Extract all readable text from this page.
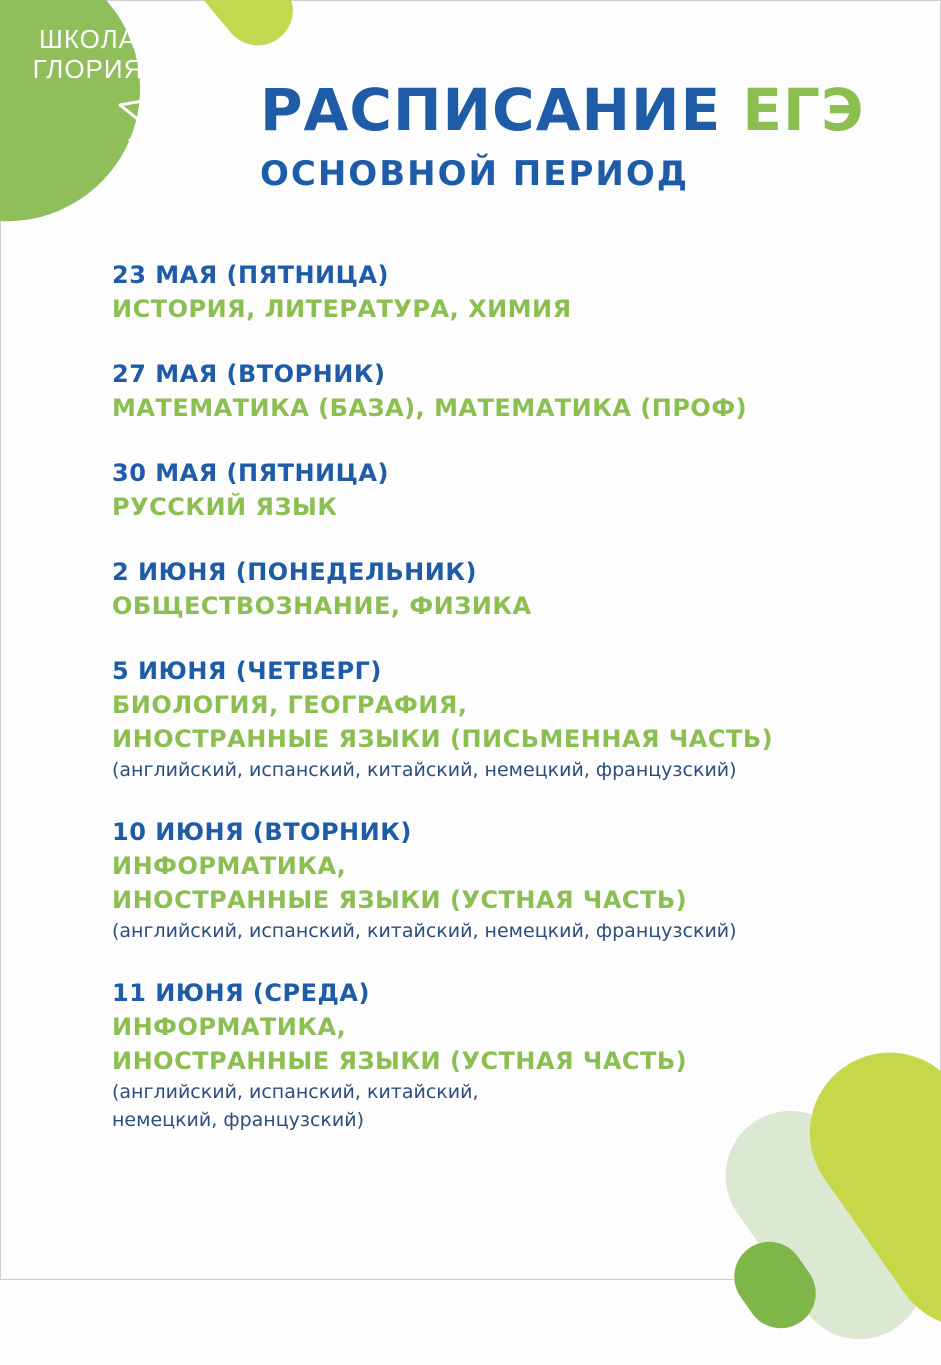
ШКОЛА
ГЛОРИЯ
РАСПИСАНИЕ ЕГЭ
ОСНОВНОЙ ПЕРИОД
23 МАЯ (ПЯТНИЦА)
ИСТОРИЯ, ЛИТЕРАТУРА, ХИМИЯ
27 МАЯ (ВТОРНИК)
МАТЕМАТИКА (БАЗА), МАТЕМАТИКА (ПРОФ)
30 МАЯ (ПЯТНИЦА)
РУССКИЙ ЯЗЫК
2 ИЮНЯ (ПОНЕДЕЛЬНИК)
ОБЩЕСТВОЗНАНИЕ, ФИЗИКА
5 ИЮНЯ (ЧЕТВЕРГ)
БИОЛОГИЯ, ГЕОГРАФИЯ,
ИНОСТРАННЫЕ ЯЗЫКИ (ПИСЬМЕННАЯ ЧАСТЬ)
(английский, испанский, китайский, немецкий, французский)
10 ИЮНЯ (ВТОРНИК)
ИНФОРМАТИКА,
ИНОСТРАННЫЕ ЯЗЫКИ (УСТНАЯ ЧАСТЬ)
(английский, испанский, китайский, немецкий, французский)
11 ИЮНЯ (СРЕДА)
ИНФОРМАТИКА,
ИНОСТРАННЫЕ ЯЗЫКИ (УСТНАЯ ЧАСТЬ)
(английский, испанский, китайский,
немецкий, французский)
